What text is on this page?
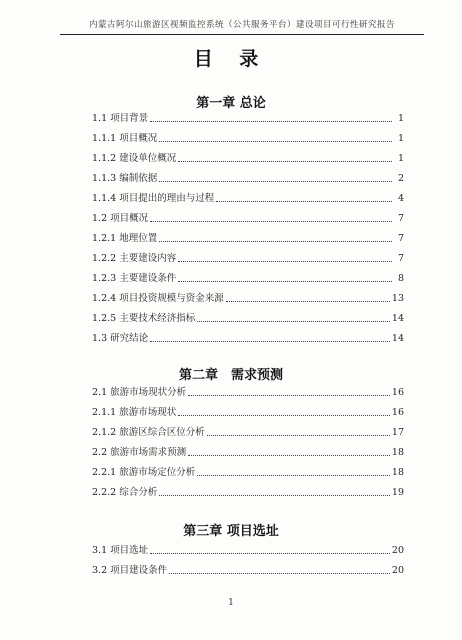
内蒙古阿尔山旅游区视频监控系统（公共服务平台）建设项目可行性研究报告
目 录
第一章 总论
1.1 项目背景	1
1.1.1 项目概况	1
1.1.2 建设单位概况	1
1.1.3 编制依据	2
1.1.4 项目提出的理由与过程	4
1.2 项目概况	7
1.2.1 地理位置	7
1.2.2 主要建设内容	7
1.2.3 主要建设条件	8
1.2.4 项目投资规模与资金来源	13
1.2.5 主要技术经济指标	14
1.3 研究结论	14
第二章　需求预测
2.1 旅游市场现状分析	16
2.1.1 旅游市场现状	16
2.1.2 旅游区综合区位分析	17
2.2 旅游市场需求预测	18
2.2.1 旅游市场定位分析	18
2.2.2 综合分析	19
第三章 项目选址
3.1 项目选址	20
3.2 项目建设条件	20
1
